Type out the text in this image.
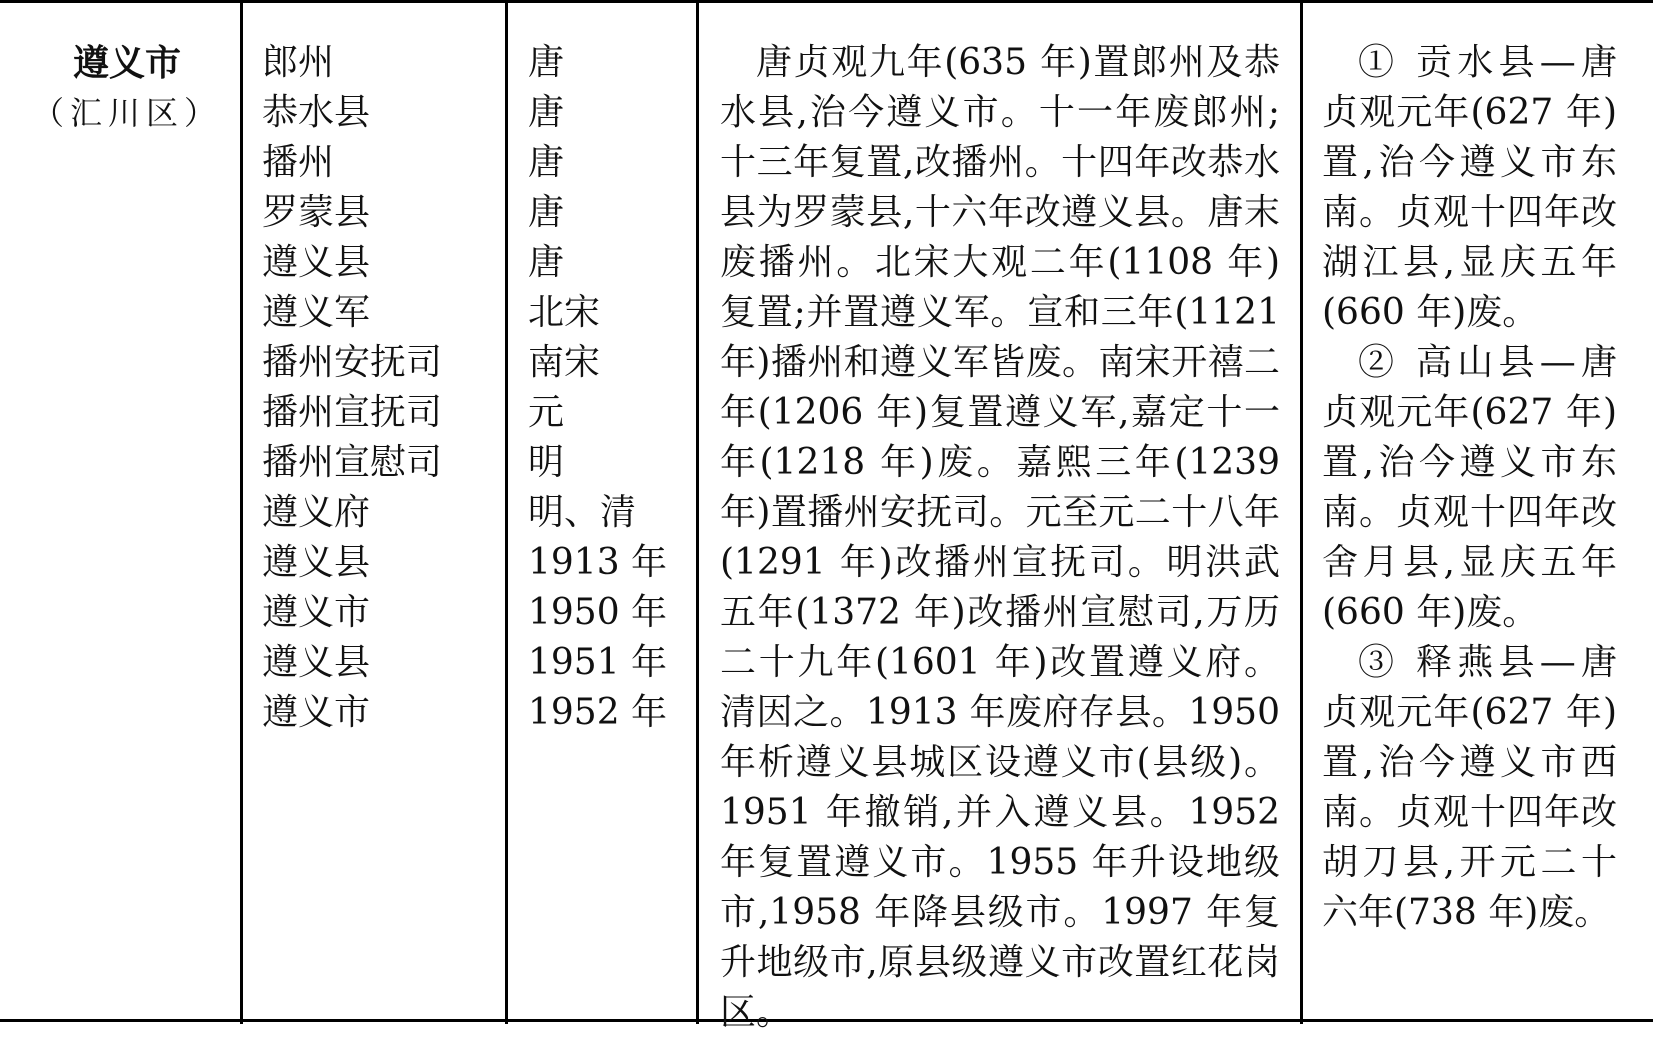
遵义市
（汇川区）
郎州
恭水县
播州
罗蒙县
遵义县
遵义军
播州安抚司
播州宣抚司
播州宣慰司
遵义府
遵义县
遵义市
遵义县
遵义市
唐
唐
唐
唐
唐
北宋
南宋
元
明
明、清
1913 年
1950 年
1951 年
1952 年
唐贞观九年(635 年)置郎州及恭水县,治今遵义市。十一年废郎州;十三年复置,改播州。十四年改恭水县为罗蒙县,十六年改遵义县。唐末废播州。北宋大观二年(1108 年)复置;并置遵义军。宣和三年(1121 年)播州和遵义军皆废。南宋开禧二年(1206 年)复置遵义军,嘉定十一年(1218 年)废。嘉熙三年(1239 年)置播州安抚司。元至元二十八年(1291 年)改播州宣抚司。明洪武五年(1372 年)改播州宣慰司,万历二十九年(1601 年)改置遵义府。清因之。1913 年废府存县。1950 年析遵义县城区设遵义市(县级)。1951 年撤销,并入遵义县。1952 年复置遵义市。1955 年升设地级市,1958 年降县级市。1997 年复升地级市,原县级遵义市改置红花岗区。

① 贡水县—唐贞观元年(627 年)置,治今遵义市东南。贞观十四年改湖江县,显庆五年(660 年)废。

② 高山县—唐贞观元年(627 年)置,治今遵义市东南。贞观十四年改舍月县,显庆五年(660 年)废。

③ 释燕县—唐贞观元年(627 年)置,治今遵义市西南。贞观十四年改胡刀县,开元二十六年(738 年)废。
